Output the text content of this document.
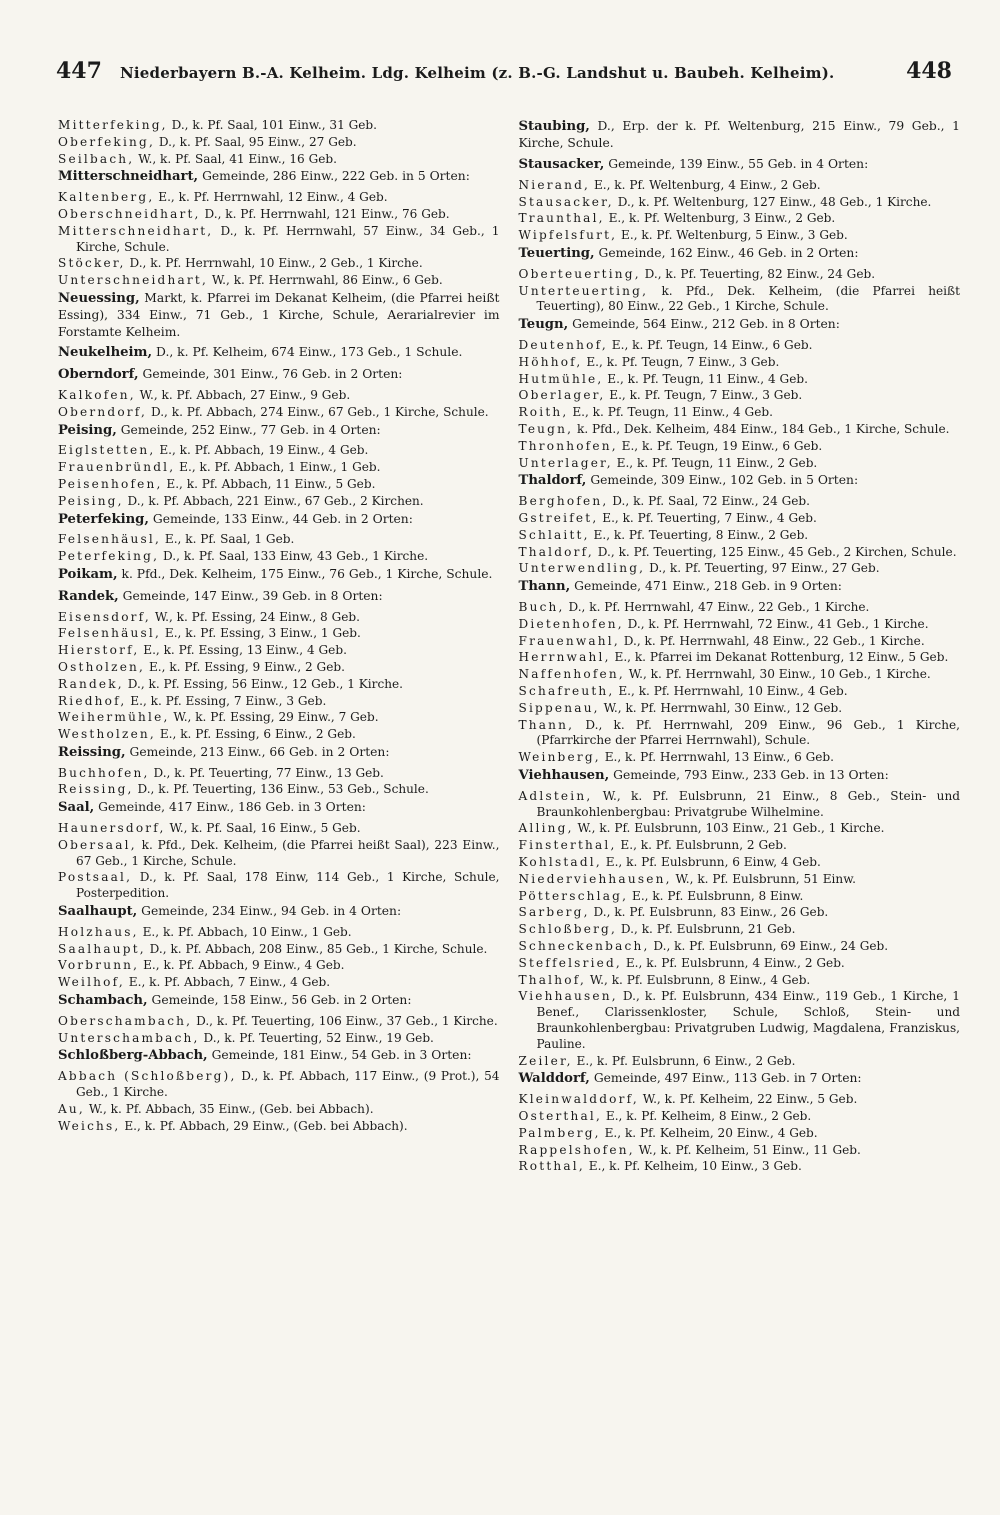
447	Niederbayern B.-A. Kelheim. Ldg. Kelheim (z. B.-G. Landshut u. Baubeh. Kelheim).	448
Mitterfeking, D., k. Pf. Saal, 101 Einw., 31 Geb.
Oberfeking, D., k. Pf. Saal, 95 Einw., 27 Geb.
Seilbach, W., k. Pf. Saal, 41 Einw., 16 Geb.
Mitterschneidhart, Gemeinde, 286 Einw., 222 Geb. in 5 Orten:
Kaltenberg, E., k. Pf. Herrnwahl, 12 Einw., 4 Geb.
Oberschneidhart, D., k. Pf. Herrnwahl, 121 Einw., 76 Geb.
Mitterschneidhart, D., k. Pf. Herrnwahl, 57 Einw., 34 Geb., 1 Kirche, Schule.
Stöcker, D., k. Pf. Herrnwahl, 10 Einw., 2 Geb., 1 Kirche.
Unterschneidhart, W., k. Pf. Herrnwahl, 86 Einw., 6 Geb.
Neuessing, Markt, k. Pfarrei im Dekanat Kelheim, (die Pfarrei heißt Essing), 334 Einw., 71 Geb., 1 Kirche, Schule, Aerarialrevier im Forstamte Kelheim.
Neukelheim, D., k. Pf. Kelheim, 674 Einw., 173 Geb., 1 Schule.
Oberndorf, Gemeinde, 301 Einw., 76 Geb. in 2 Orten:
Kalkofen, W., k. Pf. Abbach, 27 Einw., 9 Geb.
Oberndorf, D., k. Pf. Abbach, 274 Einw., 67 Geb., 1 Kirche, Schule.
Peising, Gemeinde, 252 Einw., 77 Geb. in 4 Orten:
Eiglstetten, E., k. Pf. Abbach, 19 Einw., 4 Geb.
Frauenbründl, E., k. Pf. Abbach, 1 Einw., 1 Geb.
Peisenhofen, E., k. Pf. Abbach, 11 Einw., 5 Geb.
Peising, D., k. Pf. Abbach, 221 Einw., 67 Geb., 2 Kirchen.
Peterfeking, Gemeinde, 133 Einw., 44 Geb. in 2 Orten:
Felsenhäusl, E., k. Pf. Saal, 1 Geb.
Peterfeking, D., k. Pf. Saal, 133 Einw, 43 Geb., 1 Kirche.
Poikam, k. Pfd., Dek. Kelheim, 175 Einw., 76 Geb., 1 Kirche, Schule.
Randek, Gemeinde, 147 Einw., 39 Geb. in 8 Orten:
Eisensdorf, W., k. Pf. Essing, 24 Einw., 8 Geb.
Felsenhäusl, E., k. Pf. Essing, 3 Einw., 1 Geb.
Hierstorf, E., k. Pf. Essing, 13 Einw., 4 Geb.
Ostholzen, E., k. Pf. Essing, 9 Einw., 2 Geb.
Randek, D., k. Pf. Essing, 56 Einw., 12 Geb., 1 Kirche.
Riedhof, E., k. Pf. Essing, 7 Einw., 3 Geb.
Weihermühle, W., k. Pf. Essing, 29 Einw., 7 Geb.
Westholzen, E., k. Pf. Essing, 6 Einw., 2 Geb.
Reissing, Gemeinde, 213 Einw., 66 Geb. in 2 Orten:
Buchhofen, D., k. Pf. Teuerting, 77 Einw., 13 Geb.
Reissing, D., k. Pf. Teuerting, 136 Einw., 53 Geb., Schule.
Saal, Gemeinde, 417 Einw., 186 Geb. in 3 Orten:
Haunersdorf, W., k. Pf. Saal, 16 Einw., 5 Geb.
Obersaal, k. Pfd., Dek. Kelheim, (die Pfarrei heißt Saal), 223 Einw., 67 Geb., 1 Kirche, Schule.
Postsaal, D., k. Pf. Saal, 178 Einw, 114 Geb., 1 Kirche, Schule, Posterpedition.
Saalhaupt, Gemeinde, 234 Einw., 94 Geb. in 4 Orten:
Holzhaus, E., k. Pf. Abbach, 10 Einw., 1 Geb.
Saalhaupt, D., k. Pf. Abbach, 208 Einw., 85 Geb., 1 Kirche, Schule.
Vorbrunn, E., k. Pf. Abbach, 9 Einw., 4 Geb.
Weilhof, E., k. Pf. Abbach, 7 Einw., 4 Geb.
Schambach, Gemeinde, 158 Einw., 56 Geb. in 2 Orten:
Oberschambach, D., k. Pf. Teuerting, 106 Einw., 37 Geb., 1 Kirche.
Unterschambach, D., k. Pf. Teuerting, 52 Einw., 19 Geb.
Schloßberg-Abbach, Gemeinde, 181 Einw., 54 Geb. in 3 Orten:
Abbach (Schloßberg), D., k. Pf. Abbach, 117 Einw., (9 Prot.), 54 Geb., 1 Kirche.
Au, W., k. Pf. Abbach, 35 Einw., (Geb. bei Abbach).
Weichs, E., k. Pf. Abbach, 29 Einw., (Geb. bei Abbach).
Staubing, D., Erp. der k. Pf. Weltenburg, 215 Einw., 79 Geb., 1 Kirche, Schule.
Stausacker, Gemeinde, 139 Einw., 55 Geb. in 4 Orten:
Nierand, E., k. Pf. Weltenburg, 4 Einw., 2 Geb.
Stausacker, D., k. Pf. Weltenburg, 127 Einw., 48 Geb., 1 Kirche.
Traunthal, E., k. Pf. Weltenburg, 3 Einw., 2 Geb.
Wipfelsfurt, E., k. Pf. Weltenburg, 5 Einw., 3 Geb.
Teuerting, Gemeinde, 162 Einw., 46 Geb. in 2 Orten:
Oberteuerting, D., k. Pf. Teuerting, 82 Einw., 24 Geb.
Unterteuerting, k. Pfd., Dek. Kelheim, (die Pfarrei heißt Teuerting), 80 Einw., 22 Geb., 1 Kirche, Schule.
Teugn, Gemeinde, 564 Einw., 212 Geb. in 8 Orten:
Deutenhof, E., k. Pf. Teugn, 14 Einw., 6 Geb.
Höhhof, E., k. Pf. Teugn, 7 Einw., 3 Geb.
Hutmühle, E., k. Pf. Teugn, 11 Einw., 4 Geb.
Oberlager, E., k. Pf. Teugn, 7 Einw., 3 Geb.
Roith, E., k. Pf. Teugn, 11 Einw., 4 Geb.
Teugn, k. Pfd., Dek. Kelheim, 484 Einw., 184 Geb., 1 Kirche, Schule.
Thronhofen, E., k. Pf. Teugn, 19 Einw., 6 Geb.
Unterlager, E., k. Pf. Teugn, 11 Einw., 2 Geb.
Thaldorf, Gemeinde, 309 Einw., 102 Geb. in 5 Orten:
Berghofen, D., k. Pf. Saal, 72 Einw., 24 Geb.
Gstreifet, E., k. Pf. Teuerting, 7 Einw., 4 Geb.
Schlaitt, E., k. Pf. Teuerting, 8 Einw., 2 Geb.
Thaldorf, D., k. Pf. Teuerting, 125 Einw., 45 Geb., 2 Kirchen, Schule.
Unterwendling, D., k. Pf. Teuerting, 97 Einw., 27 Geb.
Thann, Gemeinde, 471 Einw., 218 Geb. in 9 Orten:
Buch, D., k. Pf. Herrnwahl, 47 Einw., 22 Geb., 1 Kirche.
Dietenhofen, D., k. Pf. Herrnwahl, 72 Einw., 41 Geb., 1 Kirche.
Frauenwahl, D., k. Pf. Herrnwahl, 48 Einw., 22 Geb., 1 Kirche.
Herrnwahl, E., k. Pfarrei im Dekanat Rottenburg, 12 Einw., 5 Geb.
Naffenhofen, W., k. Pf. Herrnwahl, 30 Einw., 10 Geb., 1 Kirche.
Schafreuth, E., k. Pf. Herrnwahl, 10 Einw., 4 Geb.
Sippenau, W., k. Pf. Herrnwahl, 30 Einw., 12 Geb.
Thann, D., k. Pf. Herrnwahl, 209 Einw., 96 Geb., 1 Kirche, (Pfarrkirche der Pfarrei Herrnwahl), Schule.
Weinberg, E., k. Pf. Herrnwahl, 13 Einw., 6 Geb.
Viehhausen, Gemeinde, 793 Einw., 233 Geb. in 13 Orten:
Adlstein, W., k. Pf. Eulsbrunn, 21 Einw., 8 Geb., Stein- und Braunkohlenbergbau: Privatgrube Wilhelmine.
Alling, W., k. Pf. Eulsbrunn, 103 Einw., 21 Geb., 1 Kirche.
Finsterthal, E., k. Pf. Eulsbrunn, 2 Geb.
Kohlstadl, E., k. Pf. Eulsbrunn, 6 Einw, 4 Geb.
Niederviehhausen, W., k. Pf. Eulsbrunn, 51 Einw.
Pötterschlag, E., k. Pf. Eulsbrunn, 8 Einw.
Sarberg, D., k. Pf. Eulsbrunn, 83 Einw., 26 Geb.
Schloßberg, D., k. Pf. Eulsbrunn, 21 Geb.
Schneckenbach, D., k. Pf. Eulsbrunn, 69 Einw., 24 Geb.
Steffelsried, E., k. Pf. Eulsbrunn, 4 Einw., 2 Geb.
Thalhof, W., k. Pf. Eulsbrunn, 8 Einw., 4 Geb.
Viehhausen, D., k. Pf. Eulsbrunn, 434 Einw., 119 Geb., 1 Kirche, 1 Benef., Clarissenkloster, Schule, Schloß, Stein- und Braunkohlenbergbau: Privatgruben Ludwig, Magdalena, Franziskus, Pauline.
Zeiler, E., k. Pf. Eulsbrunn, 6 Einw., 2 Geb.
Walddorf, Gemeinde, 497 Einw., 113 Geb. in 7 Orten:
Kleinwalddorf, W., k. Pf. Kelheim, 22 Einw., 5 Geb.
Osterthal, E., k. Pf. Kelheim, 8 Einw., 2 Geb.
Palmberg, E., k. Pf. Kelheim, 20 Einw., 4 Geb.
Rappelshofen, W., k. Pf. Kelheim, 51 Einw., 11 Geb.
Rotthal, E., k. Pf. Kelheim, 10 Einw., 3 Geb.
